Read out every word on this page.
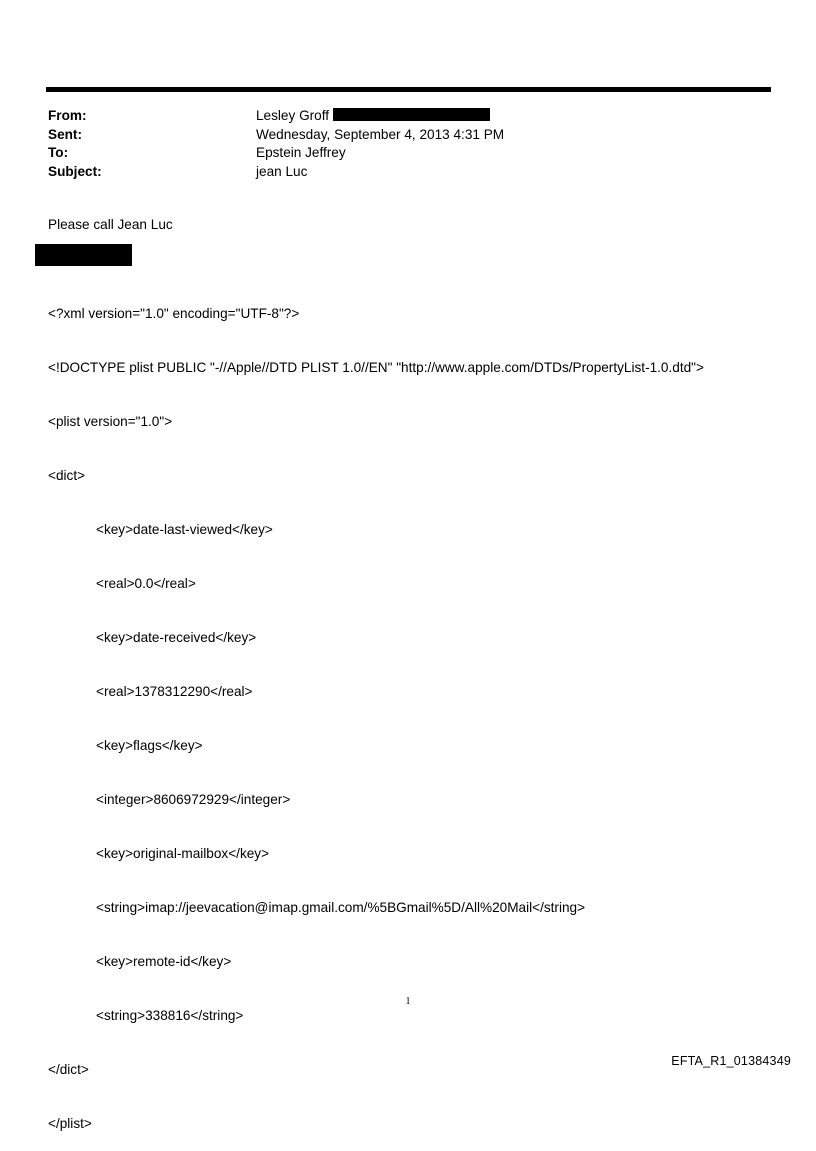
From:	Lesley Groff
Sent:	Wednesday, September 4, 2013 4:31 PM
To:	Epstein Jeffrey
Subject:	jean Luc
Please call Jean Luc

<?xml version="1.0" encoding="UTF-8"?>

<!DOCTYPE plist PUBLIC "-//Apple//DTD PLIST 1.0//EN" "http://www.apple.com/DTDs/PropertyList-1.0.dtd">

<plist version="1.0">

<dict>

<key>date-last-viewed</key>

<real>0.0</real>

<key>date-received</key>

<real>1378312290</real>

<key>flags</key>

<integer>8606972929</integer>

<key>original-mailbox</key>

<string>imap://jeevacation@imap.gmail.com/%5BGmail%5D/All%20Mail</string>

<key>remote-id</key>

<string>338816</string>

</dict>

</plist>

1
EFTA_R1_01384349
